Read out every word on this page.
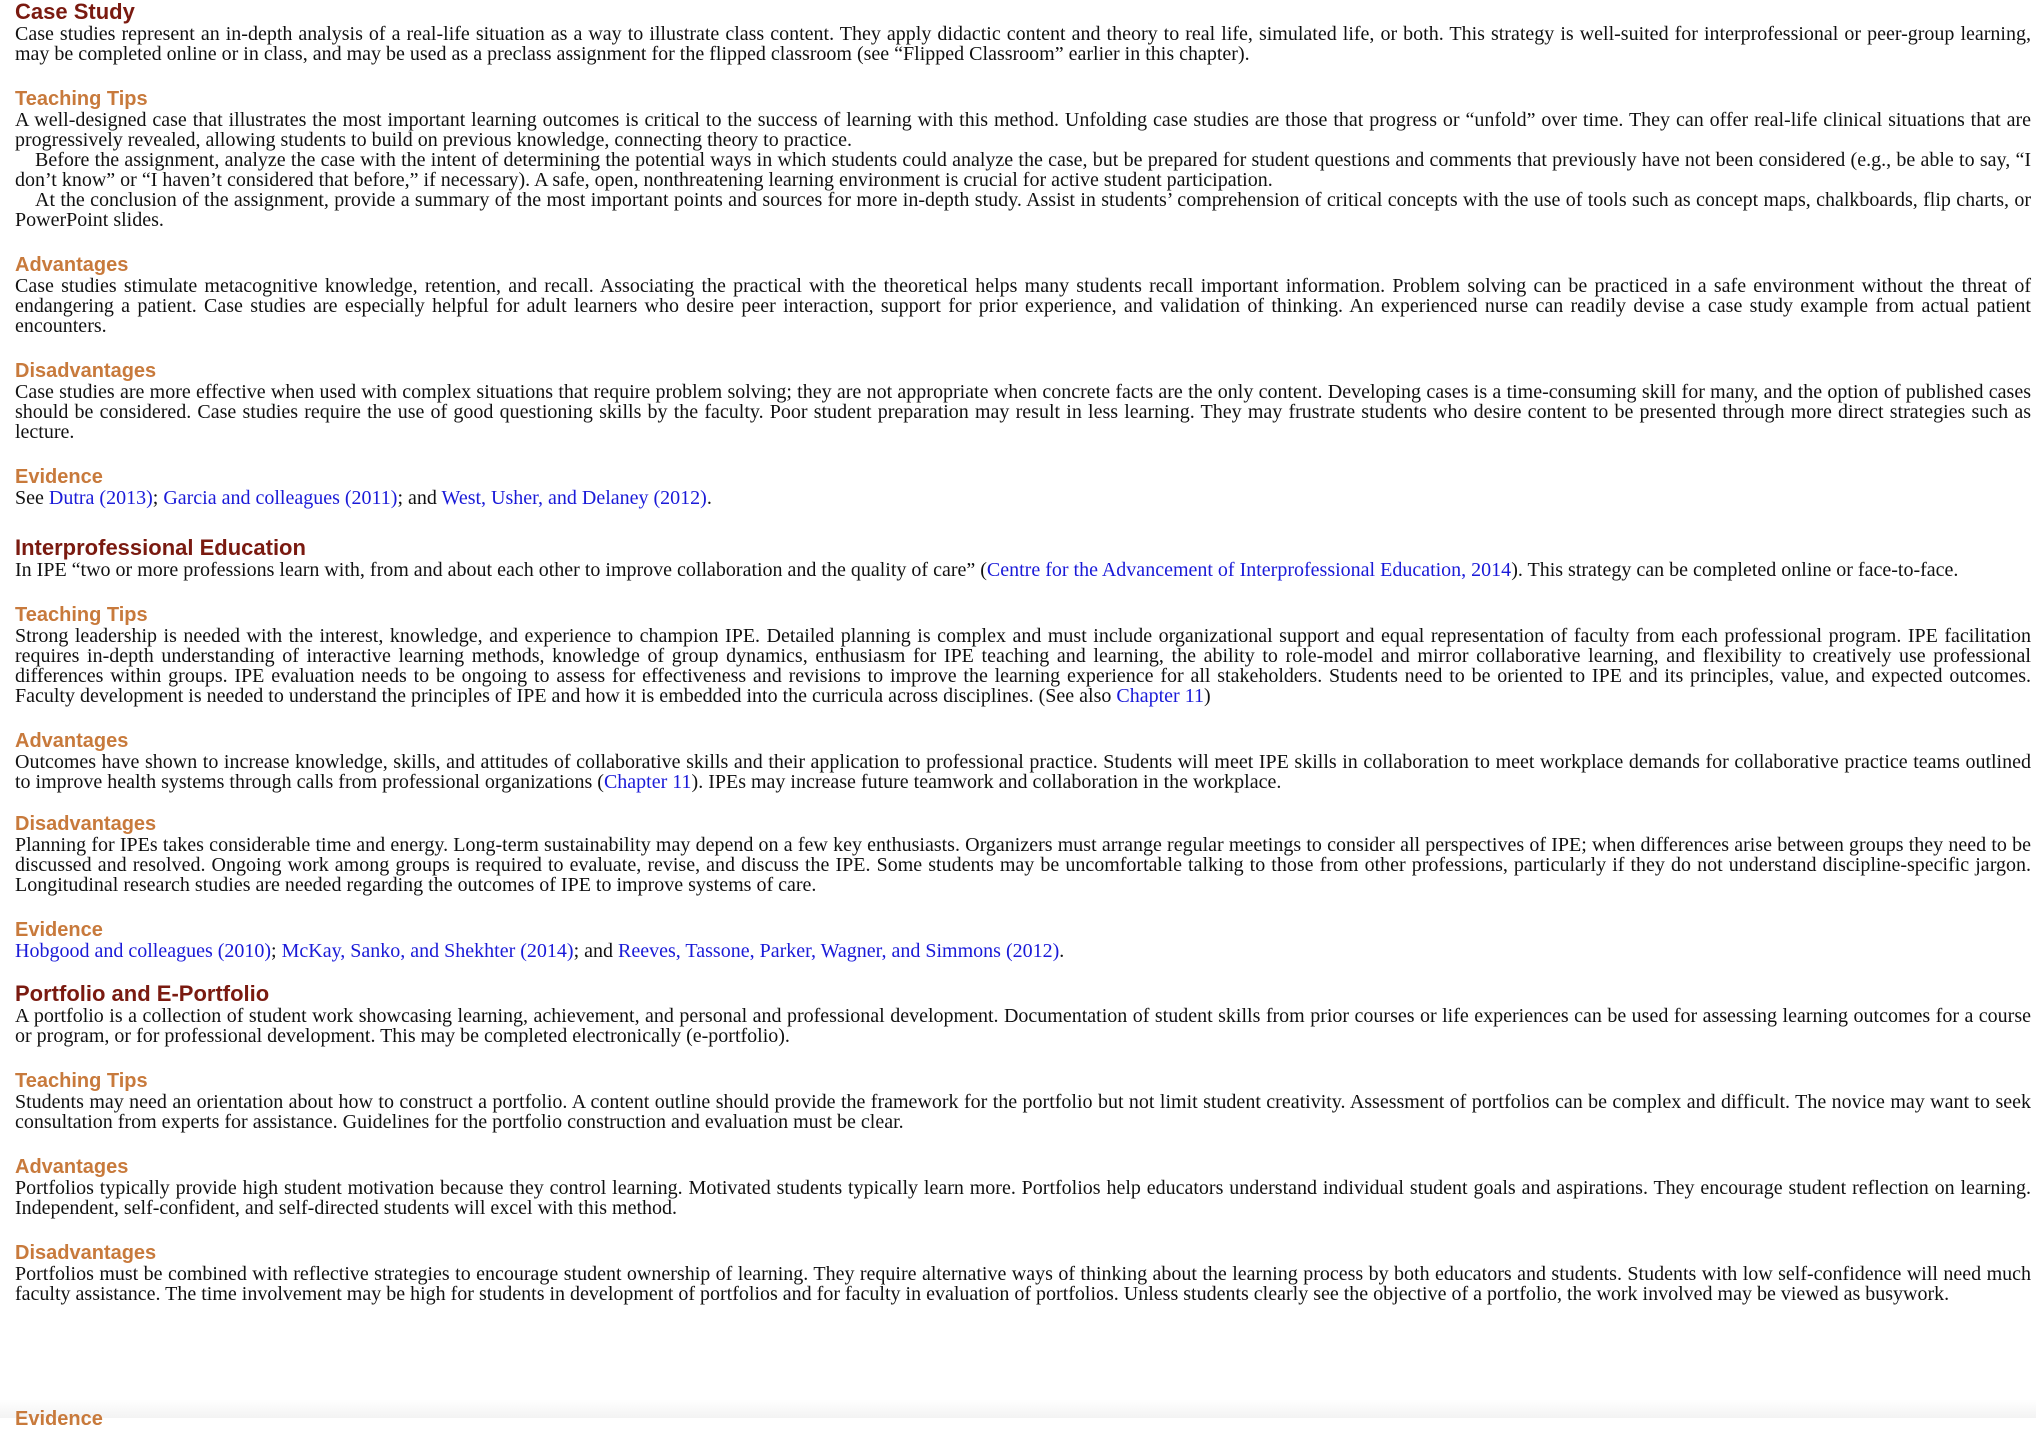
Case Study

Case studies represent an in-depth analysis of a real-life situation as a way to illustrate class content. They apply didactic content and theory to real life, simulated life, or both. This strategy is well-suited for interprofessional or peer-group learning, may be completed online or in class, and may be used as a preclass assignment for the flipped classroom (see “Flipped Classroom” earlier in this chapter).

Teaching Tips

A well-designed case that illustrates the most important learning outcomes is critical to the success of learning with this method. Unfolding case studies are those that progress or “unfold” over time. They can offer real-life clinical situations that are progressively revealed, allowing students to build on previous knowledge, connecting theory to practice.

Before the assignment, analyze the case with the intent of determining the potential ways in which students could analyze the case, but be prepared for student questions and comments that previously have not been considered (e.g., be able to say, “I don’t know” or “I haven’t considered that before,” if necessary). A safe, open, nonthreatening learning environment is crucial for active student participation.

At the conclusion of the assignment, provide a summary of the most important points and sources for more in-depth study. Assist in students’ comprehension of critical concepts with the use of tools such as concept maps, chalkboards, flip charts, or PowerPoint slides.

Advantages

Case studies stimulate metacognitive knowledge, retention, and recall. Associating the practical with the theoretical helps many students recall important information. Problem solving can be practiced in a safe environment without the threat of endangering a patient. Case studies are especially helpful for adult learners who desire peer interaction, support for prior experience, and validation of thinking. An experienced nurse can readily devise a case study example from actual patient encounters.

Disadvantages

Case studies are more effective when used with complex situations that require problem solving; they are not appropriate when concrete facts are the only content. Developing cases is a time-consuming skill for many, and the option of published cases should be considered. Case studies require the use of good questioning skills by the faculty. Poor student preparation may result in less learning. They may frustrate students who desire content to be presented through more direct strategies such as lecture.

Evidence

See Dutra (2013); Garcia and colleagues (2011); and West, Usher, and Delaney (2012).

Interprofessional Education

In IPE “two or more professions learn with, from and about each other to improve collaboration and the quality of care” (Centre for the Advancement of Interprofessional Education, 2014). This strategy can be completed online or face-to-face.

Teaching Tips

Strong leadership is needed with the interest, knowledge, and experience to champion IPE. Detailed planning is complex and must include organizational support and equal representation of faculty from each professional program. IPE facilitation requires in-depth understanding of interactive learning methods, knowledge of group dynamics, enthusiasm for IPE teaching and learning, the ability to role-model and mirror collaborative learning, and flexibility to creatively use professional differences within groups. IPE evaluation needs to be ongoing to assess for effectiveness and revisions to improve the learning experience for all stakeholders. Students need to be oriented to IPE and its principles, value, and expected outcomes. Faculty development is needed to understand the principles of IPE and how it is embedded into the curricula across disciplines. (See also Chapter 11)

Advantages

Outcomes have shown to increase knowledge, skills, and attitudes of collaborative skills and their application to professional practice. Students will meet IPE skills in collaboration to meet workplace demands for collaborative practice teams outlined to improve health systems through calls from professional organizations (Chapter 11). IPEs may increase future teamwork and collaboration in the workplace.

Disadvantages

Planning for IPEs takes considerable time and energy. Long-term sustainability may depend on a few key enthusiasts. Organizers must arrange regular meetings to consider all perspectives of IPE; when differences arise between groups they need to be discussed and resolved. Ongoing work among groups is required to evaluate, revise, and discuss the IPE. Some students may be uncomfortable talking to those from other professions, particularly if they do not understand discipline-specific jargon. Longitudinal research studies are needed regarding the outcomes of IPE to improve systems of care.

Evidence

Hobgood and colleagues (2010); McKay, Sanko, and Shekhter (2014); and Reeves, Tassone, Parker, Wagner, and Simmons (2012).

Portfolio and E-Portfolio

A portfolio is a collection of student work showcasing learning, achievement, and personal and professional development. Documentation of student skills from prior courses or life experiences can be used for assessing learning outcomes for a course or program, or for professional development. This may be completed electronically (e-portfolio).

Teaching Tips

Students may need an orientation about how to construct a portfolio. A content outline should provide the framework for the portfolio but not limit student creativity. Assessment of portfolios can be complex and difficult. The novice may want to seek consultation from experts for assistance. Guidelines for the portfolio construction and evaluation must be clear.

Advantages

Portfolios typically provide high student motivation because they control learning. Motivated students typically learn more. Portfolios help educators understand individual student goals and aspirations. They encourage student reflection on learning. Independent, self-confident, and self-directed students will excel with this method.

Disadvantages

Portfolios must be combined with reflective strategies to encourage student ownership of learning. They require alternative ways of thinking about the learning process by both educators and students. Students with low self-confidence will need much faculty assistance. The time involvement may be high for students in development of portfolios and for faculty in evaluation of portfolios. Unless students clearly see the objective of a portfolio, the work involved may be viewed as busywork.

Evidence
